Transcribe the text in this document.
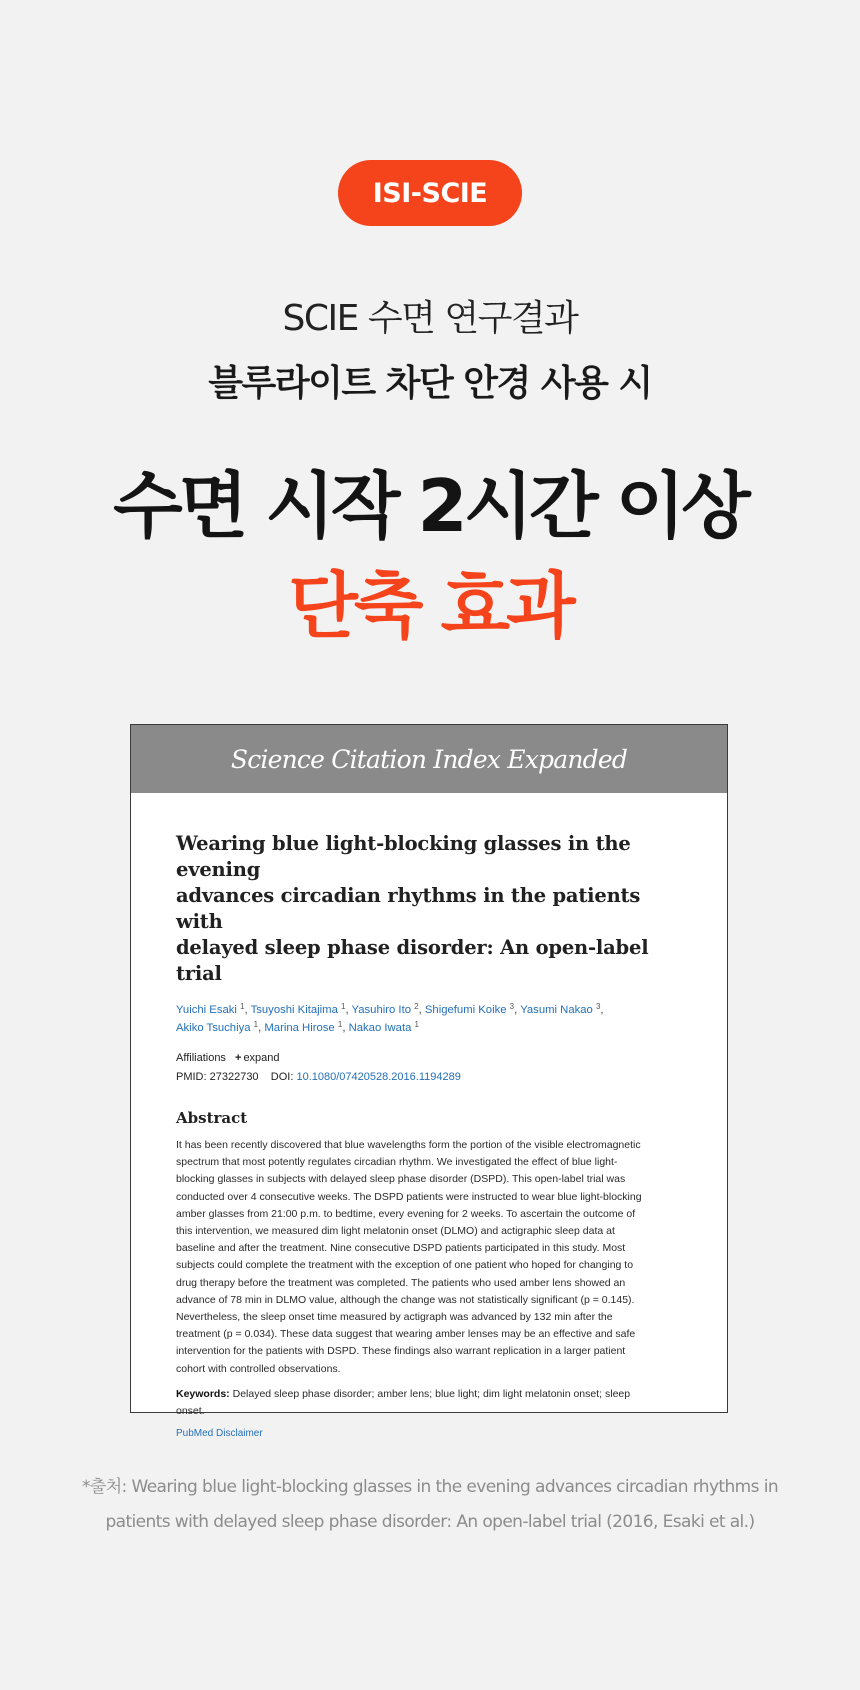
ISI-SCIE
SCIE 수면 연구결과
블루라이트 차단 안경 사용 시
수면 시작 2시간 이상
단축 효과
Science Citation Index Expanded
Wearing blue light-blocking glasses in the evening
advances circadian rhythms in the patients with
delayed sleep phase disorder: An open-label trial
Yuichi Esaki $^1$, Tsuyoshi Kitajima $^1$, Yasuhiro Ito $^2$, Shigefumi Koike $^3$, Yasumi Nakao $^3$,
Akiko Tsuchiya $^1$, Marina Hirose $^1$, Nakao Iwata $^1$
Affiliations + expand
PMID: 27322730 DOI: 10.1080/07420528.2016.1194289
Abstract
It has been recently discovered that blue wavelengths form the portion of the visible electromagnetic
spectrum that most potently regulates circadian rhythm. We investigated the effect of blue light-
blocking glasses in subjects with delayed sleep phase disorder (DSPD). This open-label trial was
conducted over 4 consecutive weeks. The DSPD patients were instructed to wear blue light-blocking
amber glasses from 21:00 p.m. to bedtime, every evening for 2 weeks. To ascertain the outcome of
this intervention, we measured dim light melatonin onset (DLMO) and actigraphic sleep data at
baseline and after the treatment. Nine consecutive DSPD patients participated in this study. Most
subjects could complete the treatment with the exception of one patient who hoped for changing to
drug therapy before the treatment was completed. The patients who used amber lens showed an
advance of 78 min in DLMO value, although the change was not statistically significant (p = 0.145).
Nevertheless, the sleep onset time measured by actigraph was advanced by 132 min after the
treatment (p = 0.034). These data suggest that wearing amber lenses may be an effective and safe
intervention for the patients with DSPD. These findings also warrant replication in a larger patient
cohort with controlled observations.
Keywords: Delayed sleep phase disorder; amber lens; blue light; dim light melatonin onset; sleep
onset.
PubMed Disclaimer
*출처: Wearing blue light-blocking glasses in the evening advances circadian rhythms in
patients with delayed sleep phase disorder: An open-label trial (2016, Esaki et al.)
